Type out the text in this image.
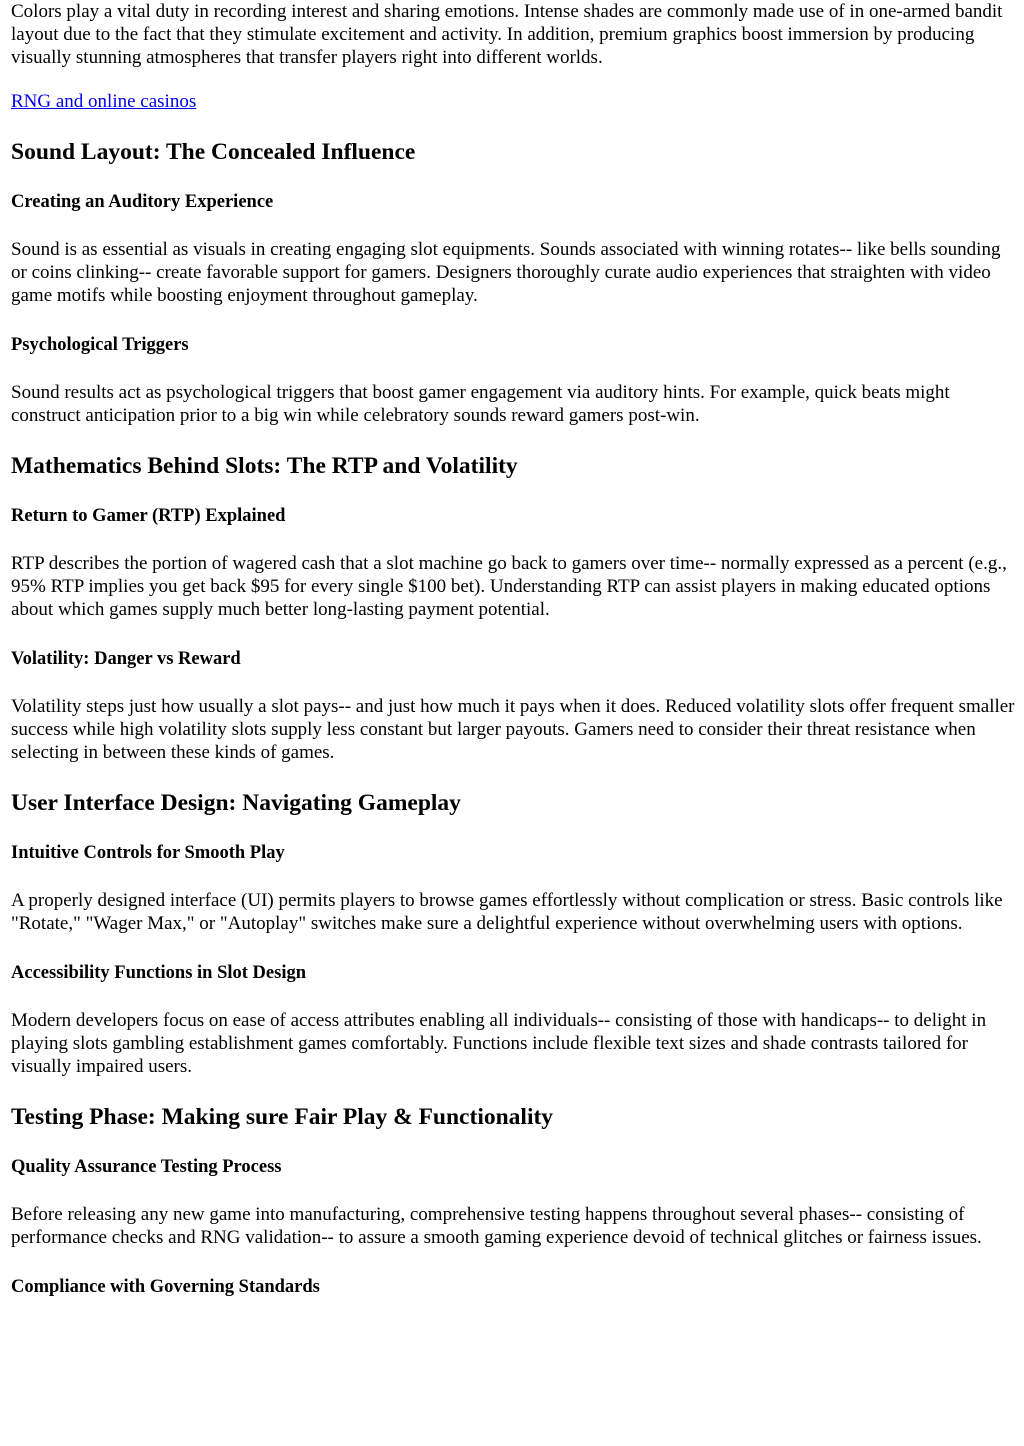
Colors play a vital duty in recording interest and sharing emotions. Intense shades are commonly made use of in one-armed bandit layout due to the fact that they stimulate excitement and activity. In addition, premium graphics boost immersion by producing visually stunning atmospheres that transfer players right into different worlds.

RNG and online casinos

Sound Layout: The Concealed Influence
Creating an Auditory Experience

Sound is as essential as visuals in creating engaging slot equipments. Sounds associated with winning rotates-- like bells sounding or coins clinking-- create favorable support for gamers. Designers thoroughly curate audio experiences that straighten with video game motifs while boosting enjoyment throughout gameplay.

Psychological Triggers

Sound results act as psychological triggers that boost gamer engagement via auditory hints. For example, quick beats might construct anticipation prior to a big win while celebratory sounds reward gamers post-win.

Mathematics Behind Slots: The RTP and Volatility
Return to Gamer (RTP) Explained

RTP describes the portion of wagered cash that a slot machine go back to gamers over time-- normally expressed as a percent (e.g., 95% RTP implies you get back $95 for every single $100 bet). Understanding RTP can assist players in making educated options about which games supply much better long-lasting payment potential.

Volatility: Danger vs Reward

Volatility steps just how usually a slot pays-- and just how much it pays when it does. Reduced volatility slots offer frequent smaller success while high volatility slots supply less constant but larger payouts. Gamers need to consider their threat resistance when selecting in between these kinds of games.

User Interface Design: Navigating Gameplay
Intuitive Controls for Smooth Play

A properly designed interface (UI) permits players to browse games effortlessly without complication or stress. Basic controls like "Rotate," "Wager Max," or "Autoplay" switches make sure a delightful experience without overwhelming users with options.

Accessibility Functions in Slot Design

Modern developers focus on ease of access attributes enabling all individuals-- consisting of those with handicaps-- to delight in playing slots gambling establishment games comfortably. Functions include flexible text sizes and shade contrasts tailored for visually impaired users.

Testing Phase: Making sure Fair Play & Functionality
Quality Assurance Testing Process

Before releasing any new game into manufacturing, comprehensive testing happens throughout several phases-- consisting of performance checks and RNG validation-- to assure a smooth gaming experience devoid of technical glitches or fairness issues.

Compliance with Governing Standards
